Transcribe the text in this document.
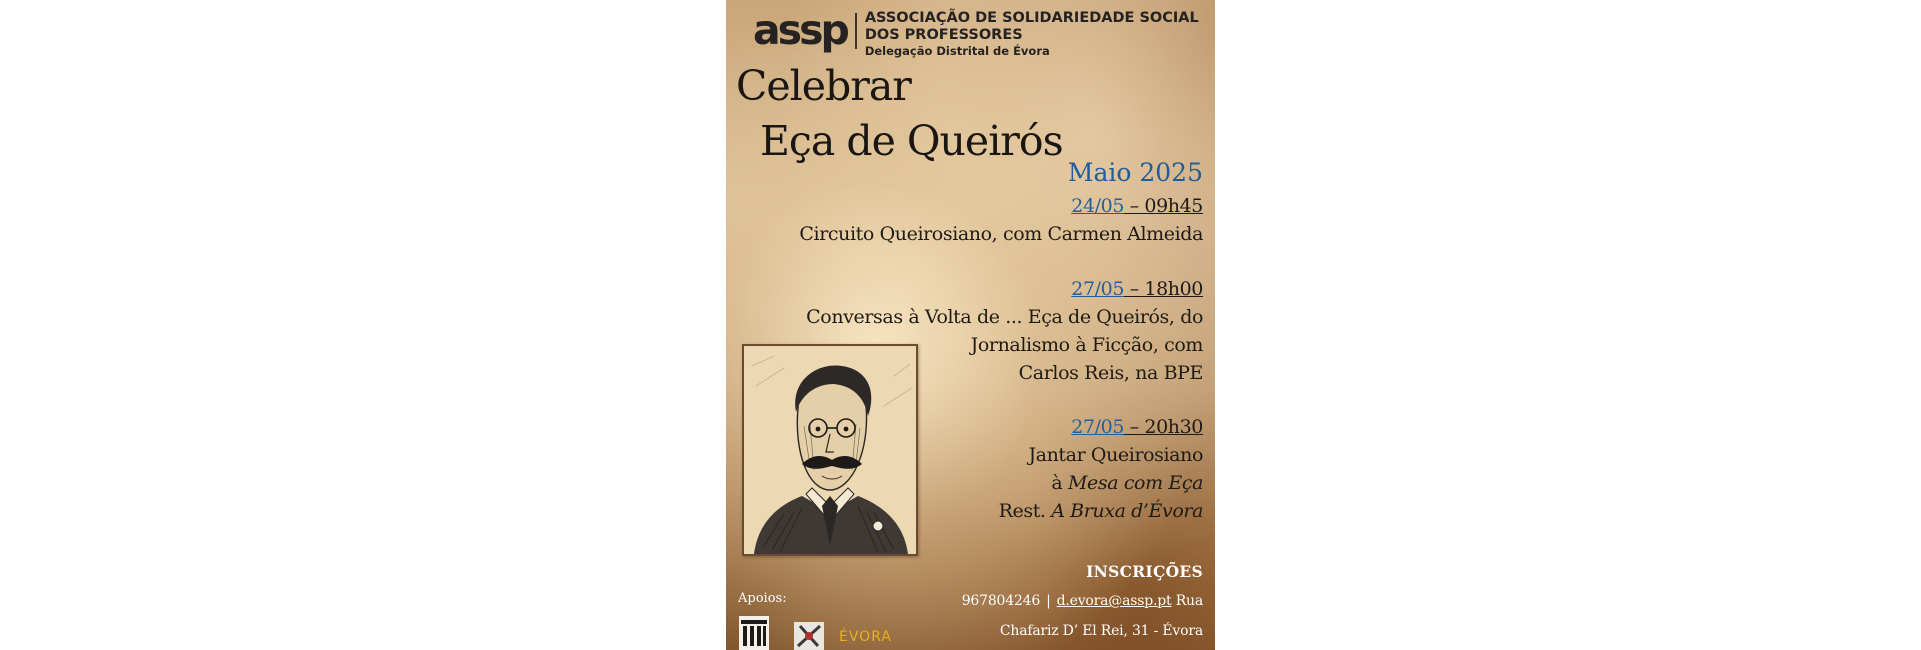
assp ASSOCIAÇÃO DE SOLIDARIEDADE SOCIAL
DOS PROFESSORES
Delegação Distrital de Évora
Celebrar
Eça de Queirós
Maio 2025
24/05 – 09h45
Circuito Queirosiano, com Carmen Almeida
27/05 – 18h00
Conversas à Volta de ... Eça de Queirós, do
Jornalismo à Ficção, com
Carlos Reis, na BPE
27/05 – 20h30
Jantar Queirosiano
à Mesa com Eça
Rest. A Bruxa d’Évora
INSCRIÇÕES
967804246 | d.evora@assp.pt Rua
Chafariz D’ El Rei, 31 - Évora
Apoios:
ÉVORA
